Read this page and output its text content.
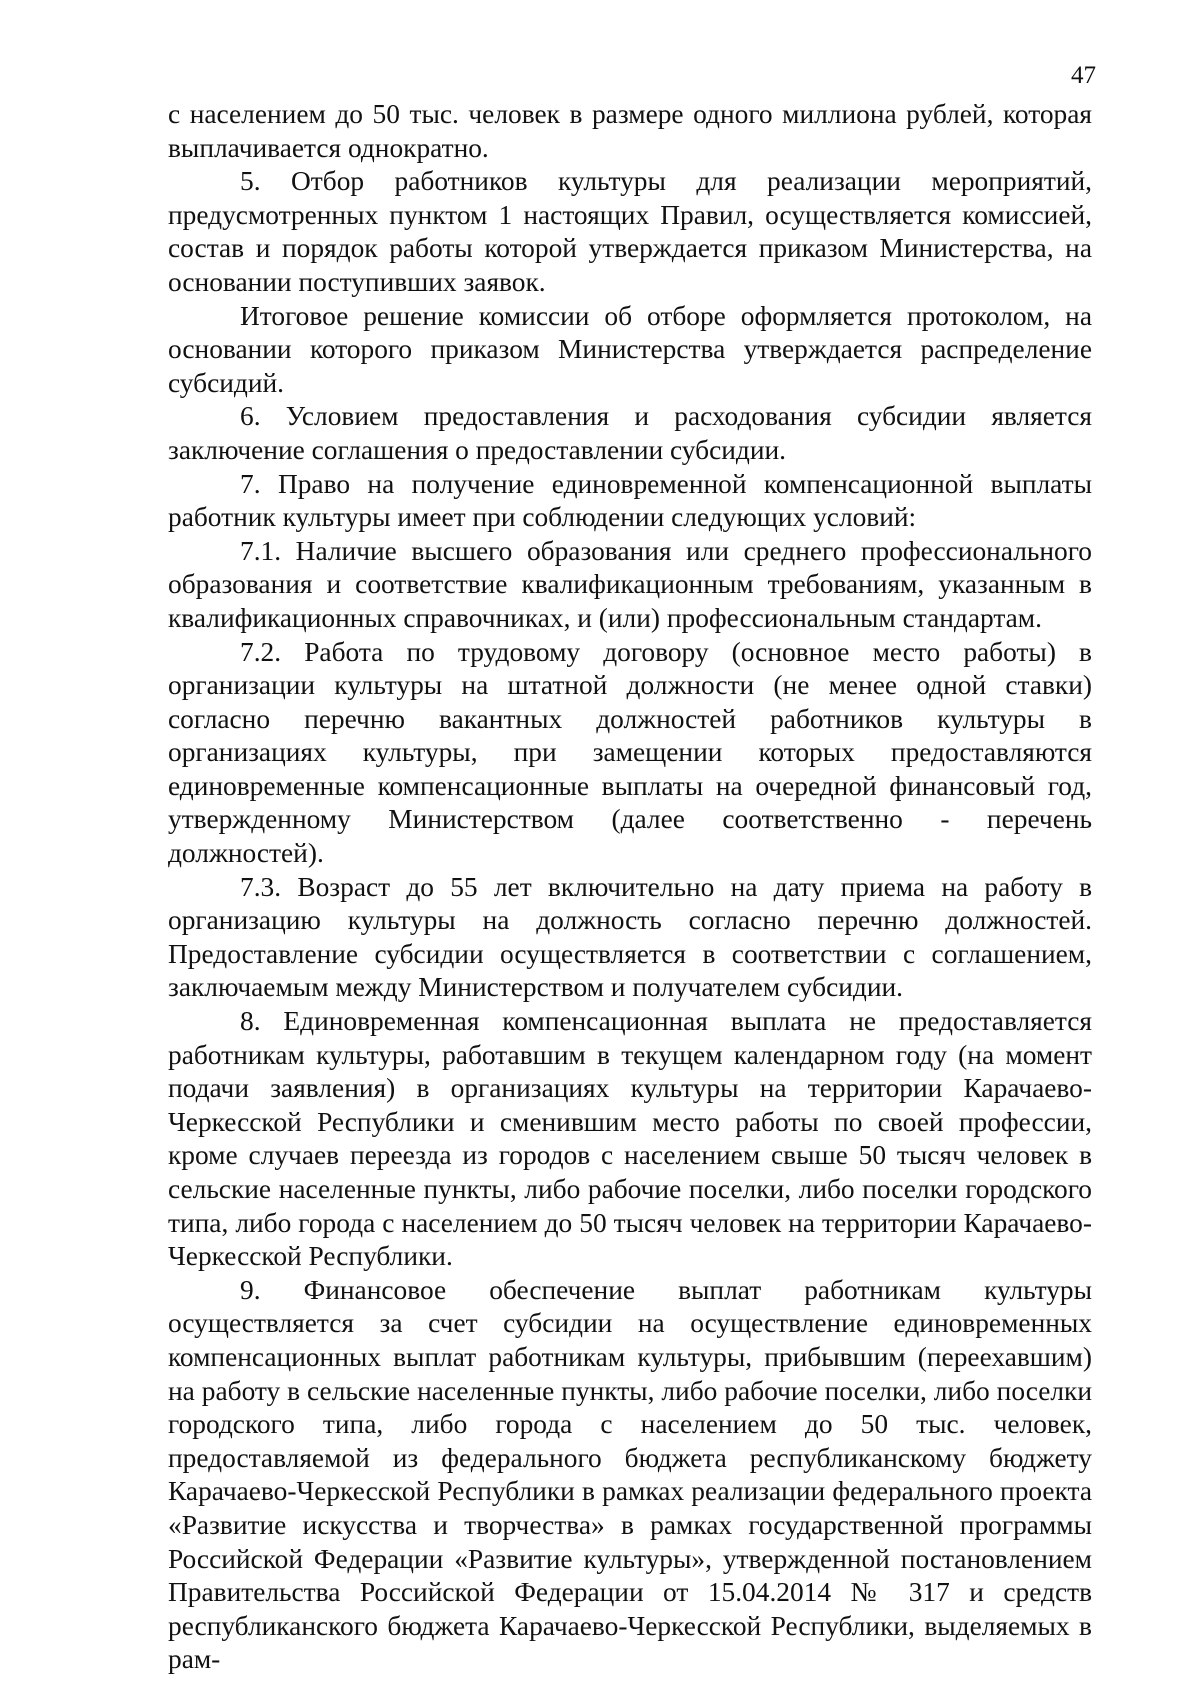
47

с населением до 50 тыс. человек в размере одного миллиона рублей, которая выплачивается однократно.

5. Отбор работников культуры для реализации мероприятий, предусмотренных пунктом 1 настоящих Правил, осуществляется комиссией, состав и порядок работы которой утверждается приказом Министерства, на основании поступивших заявок.

Итоговое решение комиссии об отборе оформляется протоколом, на основании которого приказом Министерства утверждается распределение субсидий.

6. Условием предоставления и расходования субсидии является заключение соглашения о предоставлении субсидии.

7. Право на получение единовременной компенсационной выплаты работник культуры имеет при соблюдении следующих условий:

7.1. Наличие высшего образования или среднего профессионального образования и соответствие квалификационным требованиям, указанным в квалификационных справочниках, и (или) профессиональным стандартам.

7.2. Работа по трудовому договору (основное место работы) в организации культуры на штатной должности (не менее одной ставки) согласно перечню вакантных должностей работников культуры в организациях культуры, при замещении которых предоставляются единовременные компенсационные выплаты на очередной финансовый год, утвержденному Министерством (далее соответственно - перечень должностей).

7.3. Возраст до 55 лет включительно на дату приема на работу в организацию культуры на должность согласно перечню должностей. Предоставление субсидии осуществляется в соответствии с соглашением, заключаемым между Министерством и получателем субсидии.

8. Единовременная компенсационная выплата не предоставляется работникам культуры, работавшим в текущем календарном году (на момент подачи заявления) в организациях культуры на территории Карачаево-Черкесской Республики и сменившим место работы по своей профессии, кроме случаев переезда из городов с населением свыше 50 тысяч человек в сельские населенные пункты, либо рабочие поселки, либо поселки городского типа, либо города с населением до 50 тысяч человек на территории Карачаево-Черкесской Республики.

9. Финансовое обеспечение выплат работникам культуры осуществляется за счет субсидии на осуществление единовременных компенсационных выплат работникам культуры, прибывшим (переехавшим) на работу в сельские населенные пункты, либо рабочие поселки, либо поселки городского типа, либо города с населением до 50 тыс. человек, предоставляемой из федерального бюджета республиканскому бюджету Карачаево-Черкесской Республики в рамках реализации федерального проекта «Развитие искусства и творчества» в рамках государственной программы Российской Федерации «Развитие культуры», утвержденной постановлением Правительства Российской Федерации от 15.04.2014 № 317 и средств республиканского бюджета Карачаево-Черкесской Республики, выделяемых в рам-
